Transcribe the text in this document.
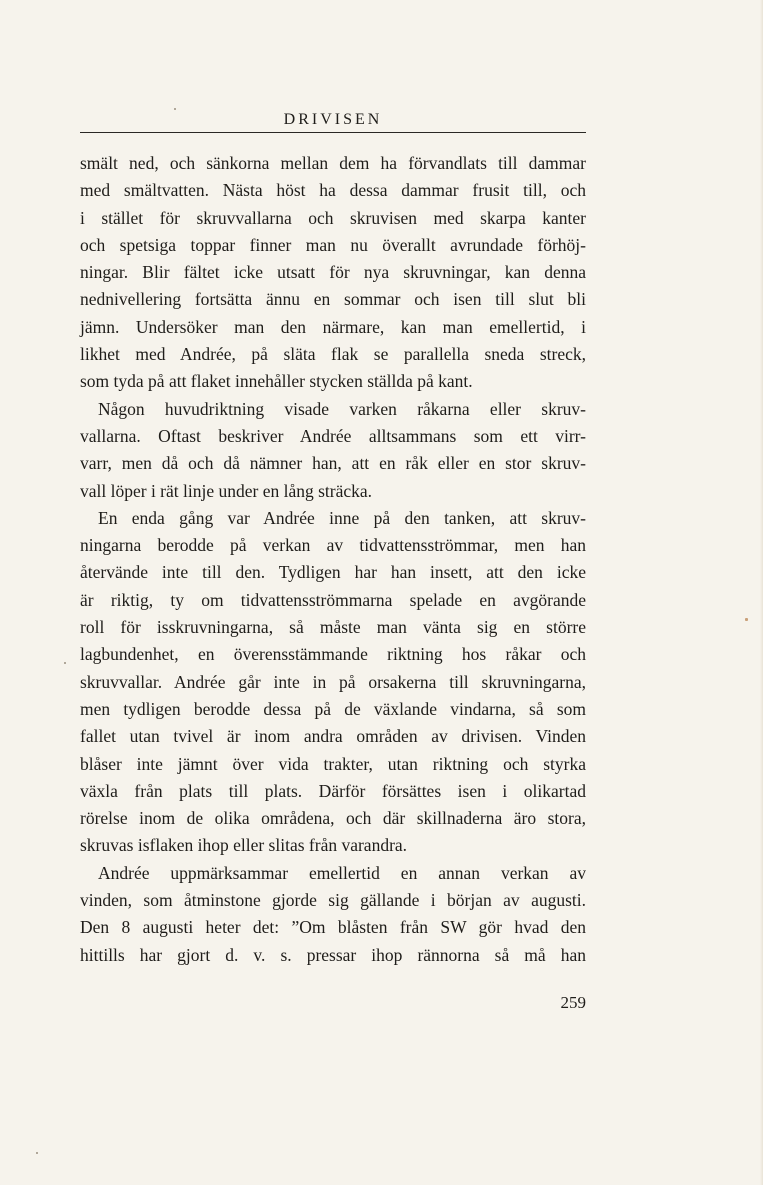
DRIVISEN
smält ned, och sänkorna mellan dem ha förvandlats till dammar
med smältvatten. Nästa höst ha dessa dammar frusit till, och
i stället för skruvvallarna och skruvisen med skarpa kanter
och spetsiga toppar finner man nu överallt avrundade förhöj-
ningar. Blir fältet icke utsatt för nya skruvningar, kan denna
nednivellering fortsätta ännu en sommar och isen till slut bli
jämn. Undersöker man den närmare, kan man emellertid, i
likhet med Andrée, på släta flak se parallella sneda streck,
som tyda på att flaket innehåller stycken ställda på kant.
Någon huvudriktning visade varken råkarna eller skruv-
vallarna. Oftast beskriver Andrée alltsammans som ett virr-
varr, men då och då nämner han, att en råk eller en stor skruv-
vall löper i rät linje under en lång sträcka.
En enda gång var Andrée inne på den tanken, att skruv-
ningarna berodde på verkan av tidvattensströmmar, men han
återvände inte till den. Tydligen har han insett, att den icke
är riktig, ty om tidvattensströmmarna spelade en avgörande
roll för isskruvningarna, så måste man vänta sig en större
lagbundenhet, en överensstämmande riktning hos råkar och
skruvvallar. Andrée går inte in på orsakerna till skruvningarna,
men tydligen berodde dessa på de växlande vindarna, så som
fallet utan tvivel är inom andra områden av drivisen. Vinden
blåser inte jämnt över vida trakter, utan riktning och styrka
växla från plats till plats. Därför försättes isen i olikartad
rörelse inom de olika områdena, och där skillnaderna äro stora,
skruvas isflaken ihop eller slitas från varandra.
Andrée uppmärksammar emellertid en annan verkan av
vinden, som åtminstone gjorde sig gällande i början av augusti.
Den 8 augusti heter det: ”Om blåsten från SW gör hvad den
hittills har gjort d. v. s. pressar ihop rännorna så må han
259
